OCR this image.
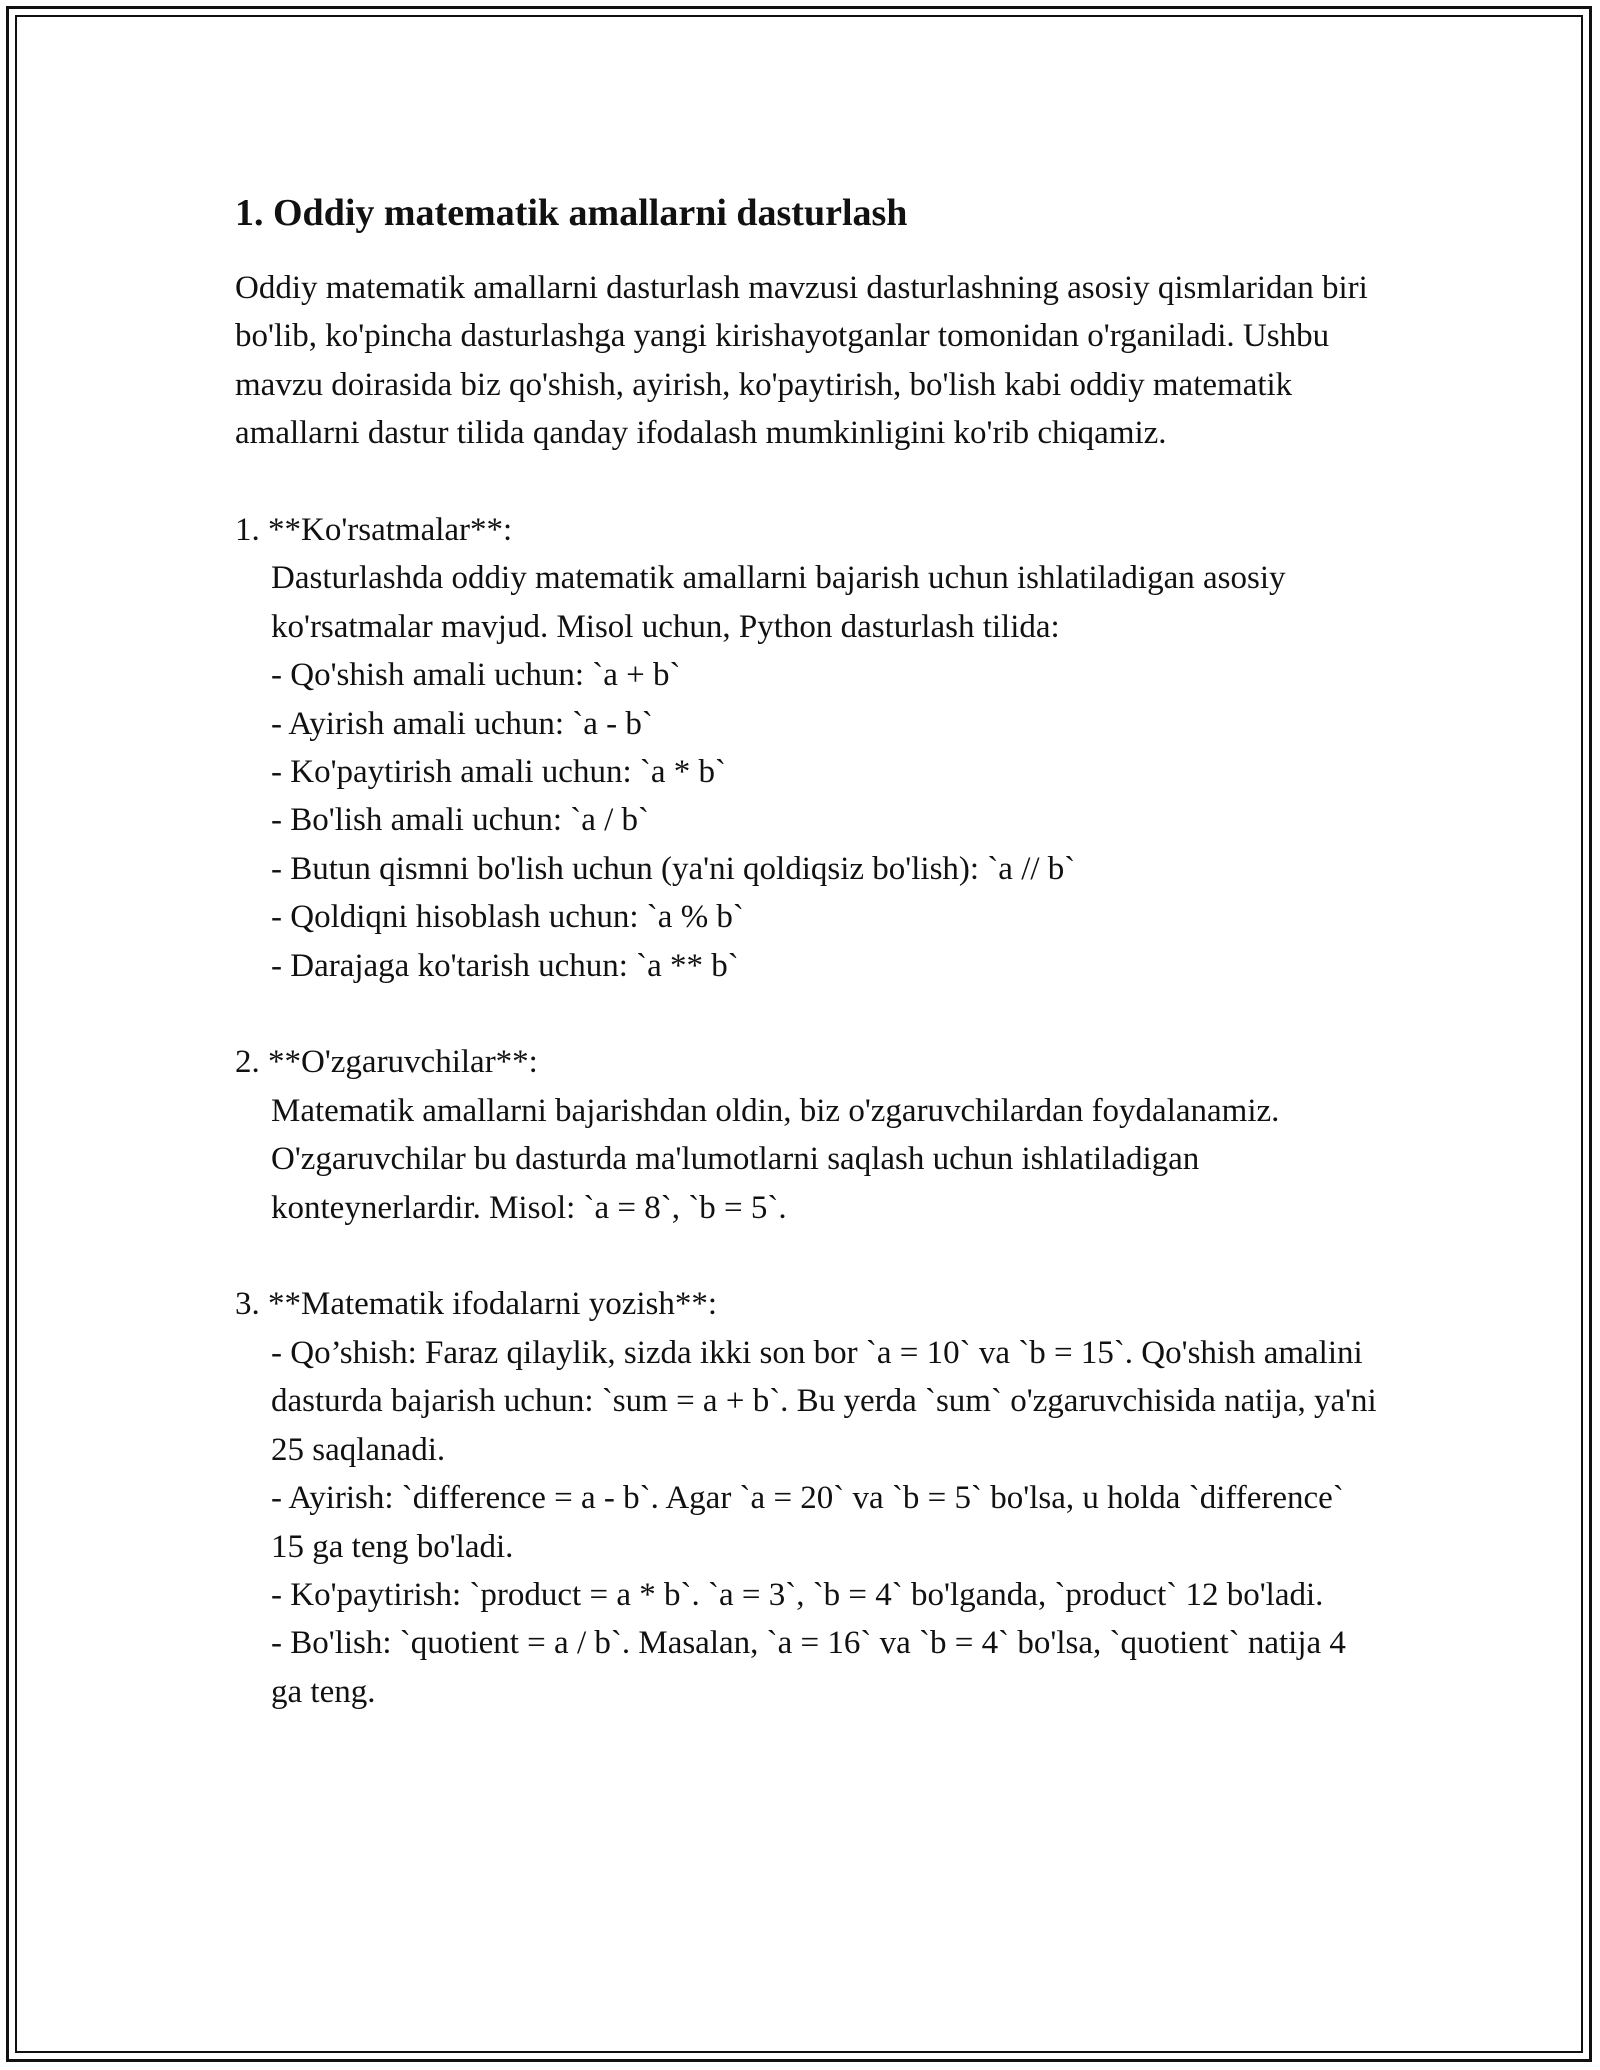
1. Oddiy matematik amallarni dasturlash

Oddiy matematik amallarni dasturlash mavzusi dasturlashning asosiy qismlaridan biri bo'lib, ko'pincha dasturlashga yangi kirishayotganlar tomonidan o'rganiladi. Ushbu mavzu doirasida biz qo'shish, ayirish, ko'paytirish, bo'lish kabi oddiy matematik amallarni dastur tilida qanday ifodalash mumkinligini ko'rib chiqamiz.

1. **Ko'rsatmalar**:

Dasturlashda oddiy matematik amallarni bajarish uchun ishlatiladigan asosiy ko'rsatmalar mavjud. Misol uchun, Python dasturlash tilida:

- Qo'shish amali uchun: `a + b`

- Ayirish amali uchun: `a - b`

- Ko'paytirish amali uchun: `a * b`

- Bo'lish amali uchun: `a / b`

- Butun qismni bo'lish uchun (ya'ni qoldiqsiz bo'lish): `a // b`

- Qoldiqni hisoblash uchun: `a % b`

- Darajaga ko'tarish uchun: `a ** b`

2. **O'zgaruvchilar**:

Matematik amallarni bajarishdan oldin, biz o'zgaruvchilardan foydalanamiz. O'zgaruvchilar bu dasturda ma'lumotlarni saqlash uchun ishlatiladigan konteynerlardir. Misol: `a = 8`, `b = 5`.

3. **Matematik ifodalarni yozish**:

- Qo’shish: Faraz qilaylik, sizda ikki son bor `a = 10` va `b = 15`. Qo'shish amalini dasturda bajarish uchun: `sum = a + b`. Bu yerda `sum` o'zgaruvchisida natija, ya'ni 25 saqlanadi.

- Ayirish: `difference = a - b`. Agar `a = 20` va `b = 5` bo'lsa, u holda `difference` 15 ga teng bo'ladi.

- Ko'paytirish: `product = a * b`. `a = 3`, `b = 4` bo'lganda, `product` 12 bo'ladi.

- Bo'lish: `quotient = a / b`. Masalan, `a = 16` va `b = 4` bo'lsa, `quotient` natija 4 ga teng.
